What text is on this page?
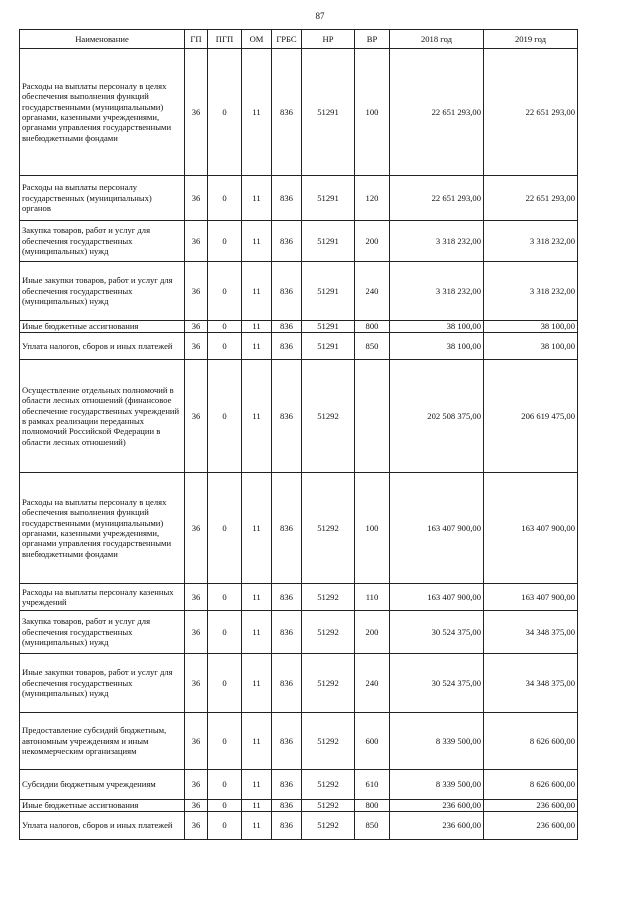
87
Наименование	ГП	ПГП	ОМ	ГРБС	НР	ВР	2018 год	2019 год
Расходы на выплаты персоналу в целях обеспечения выполнения функций государственными (муниципальными) органами, казенными учреждениями, органами управления государственными внебюджетными фондами	36	0	11	836	51291	100	22 651 293,00	22 651 293,00
Расходы на выплаты персоналу государственных (муниципальных) органов	36	0	11	836	51291	120	22 651 293,00	22 651 293,00
Закупка товаров, работ и услуг для обеспечения государственных (муниципальных) нужд	36	0	11	836	51291	200	3 318 232,00	3 318 232,00
Иные закупки товаров, работ и услуг для обеспечения государственных (муниципальных) нужд	36	0	11	836	51291	240	3 318 232,00	3 318 232,00
Иные бюджетные ассигнования	36	0	11	836	51291	800	38 100,00	38 100,00
Уплата налогов, сборов и иных платежей	36	0	11	836	51291	850	38 100,00	38 100,00
Осуществление отдельных полномочий в области лесных отношений (финансовое обеспечение государственных учреждений в рамках реализации переданных полномочий Российской Федерации в области лесных отношений)	36	0	11	836	51292		202 508 375,00	206 619 475,00
Расходы на выплаты персоналу в целях обеспечения выполнения функций государственными (муниципальными) органами, казенными учреждениями, органами управления государственными внебюджетными фондами	36	0	11	836	51292	100	163 407 900,00	163 407 900,00
Расходы на выплаты персоналу казенных учреждений	36	0	11	836	51292	110	163 407 900,00	163 407 900,00
Закупка товаров, работ и услуг для обеспечения государственных (муниципальных) нужд	36	0	11	836	51292	200	30 524 375,00	34 348 375,00
Иные закупки товаров, работ и услуг для обеспечения государственных (муниципальных) нужд	36	0	11	836	51292	240	30 524 375,00	34 348 375,00
Предоставление субсидий бюджетным, автономным учреждениям и иным некоммерческим организациям	36	0	11	836	51292	600	8 339 500,00	8 626 600,00
Субсидии бюджетным учреждениям	36	0	11	836	51292	610	8 339 500,00	8 626 600,00
Иные бюджетные ассигнования	36	0	11	836	51292	800	236 600,00	236 600,00
Уплата налогов, сборов и иных платежей	36	0	11	836	51292	850	236 600,00	236 600,00
